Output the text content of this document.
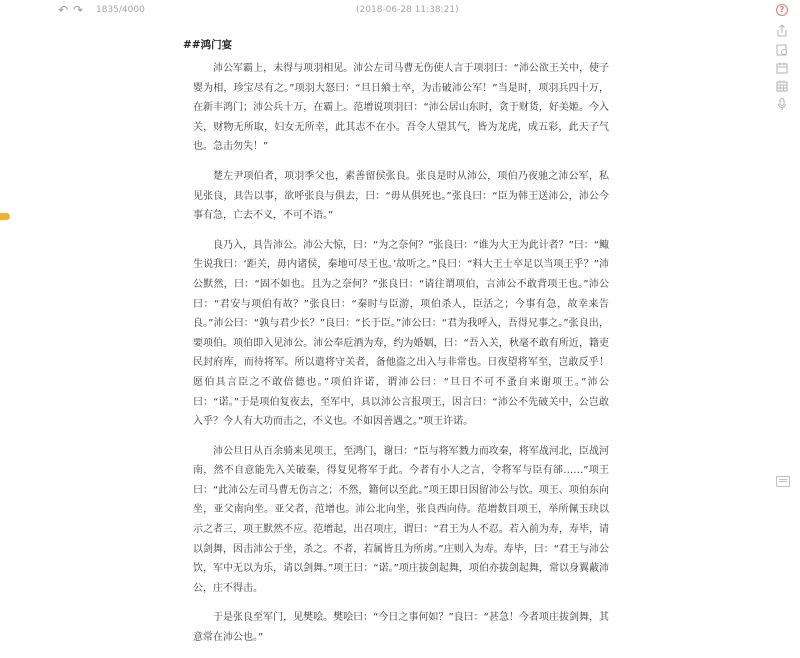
↶ ↷ 1835/4000	(2018-06-28 11:38:21)	?
##鸿门宴

沛公军霸上，未得与项羽相见。沛公左司马曹无伤使人言于项羽曰：“沛公欲王关中，使子婴为相，珍宝尽有之。”项羽大怒曰：“旦日飨士卒，为击破沛公军！”当是时，项羽兵四十万，在新丰鸿门；沛公兵十万，在霸上。范增说项羽曰：“沛公居山东时，贪于财货，好美姬。今入关，财物无所取，妇女无所幸，此其志不在小。吾令人望其气，皆为龙虎，成五彩，此天子气也。急击勿失！”

楚左尹项伯者，项羽季父也，素善留侯张良。张良是时从沛公，项伯乃夜驰之沛公军，私见张良，具告以事，欲呼张良与俱去，曰：“毋从俱死也。”张良曰：“臣为韩王送沛公，沛公今事有急，亡去不义，不可不语。”

良乃入，具告沛公。沛公大惊，曰：“为之奈何？”张良曰：“谁为大王为此计者？”曰：“鲰生说我曰：‘距关，毋内诸侯，秦地可尽王也。’故听之。”良曰：“料大王士卒足以当项王乎？”沛公默然，曰：“固不如也。且为之奈何？”张良曰：“请往谓项伯，言沛公不敢背项王也。”沛公曰：“君安与项伯有故？”张良曰：“秦时与臣游，项伯杀人，臣活之；今事有急，故幸来告良。”沛公曰：“孰与君少长？”良曰：“长于臣。”沛公曰：“君为我呼入，吾得兄事之。”张良出，要项伯。项伯即入见沛公。沛公奉卮酒为寿，约为婚姻，曰：“吾入关，秋毫不敢有所近，籍吏民封府库，而待将军。所以遣将守关者，备他盗之出入与非常也。日夜望将军至，岂敢反乎！愿伯具言臣之不敢倍德也。”项伯许诺，谓沛公曰：“旦日不可不蚤自来谢项王。”沛公曰：“诺。”于是项伯复夜去，至军中，具以沛公言报项王，因言曰：“沛公不先破关中，公岂敢入乎？今人有大功而击之，不义也。不如因善遇之。”项王许诺。

沛公旦日从百余骑来见项王，至鸿门，谢曰：“臣与将军戮力而攻秦，将军战河北，臣战河南，然不自意能先入关破秦，得复见将军于此。今者有小人之言，令将军与臣有郤……”项王曰：“此沛公左司马曹无伤言之；不然，籍何以至此。”项王即日因留沛公与饮。项王、项伯东向坐，亚父南向坐。亚父者，范增也。沛公北向坐，张良西向侍。范增数目项王，举所佩玉玦以示之者三，项王默然不应。范增起，出召项庄，谓曰：“君王为人不忍。若入前为寿，寿毕，请以剑舞，因击沛公于坐，杀之。不者，若属皆且为所虏。”庄则入为寿。寿毕，曰：“君王与沛公饮，军中无以为乐，请以剑舞。”项王曰：“诺。”项庄拔剑起舞，项伯亦拔剑起舞，常以身翼蔽沛公，庄不得击。

于是张良至军门，见樊哙。樊哙曰：“今日之事何如？”良曰：“甚急！今者项庄拔剑舞，其意常在沛公也。”
